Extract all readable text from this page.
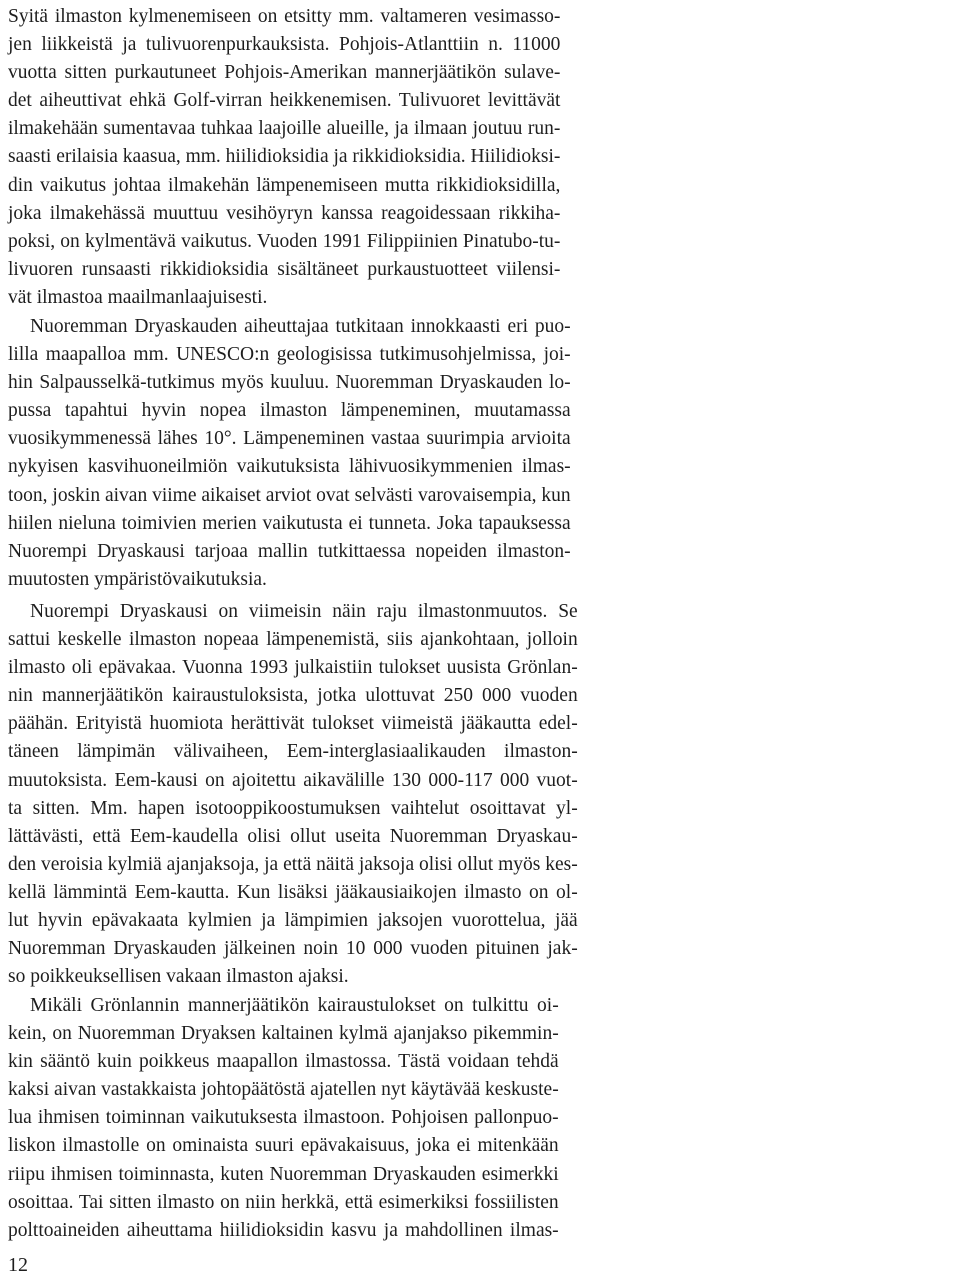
Syitä ilmaston kylmenemiseen on etsitty mm. valtameren vesimasso-
jen liikkeistä ja tulivuorenpurkauksista. Pohjois-Atlanttiin n. 11000
vuotta sitten purkautuneet Pohjois-Amerikan mannerjäätikön sulave-
det aiheuttivat ehkä Golf-virran heikkenemisen. Tulivuoret levittävät
ilmakehään sumentavaa tuhkaa laajoille alueille, ja ilmaan joutuu run-
saasti erilaisia kaasua, mm. hiilidioksidia ja rikkidioksidia. Hiilidioksi-
din vaikutus johtaa ilmakehän lämpenemiseen mutta rikkidioksidilla,
joka ilmakehässä muuttuu vesihöyryn kanssa reagoidessaan rikkiha-
poksi, on kylmentävä vaikutus. Vuoden 1991 Filippiinien Pinatubo-tu-
livuoren runsaasti rikkidioksidia sisältäneet purkaustuotteet viilensi-
vät ilmastoa maailmanlaajuisesti.
Nuoremman Dryaskauden aiheuttajaa tutkitaan innokkaasti eri puo-
lilla maapalloa mm. UNESCO:n geologisissa tutkimusohjelmissa, joi-
hin Salpausselkä-tutkimus myös kuuluu. Nuoremman Dryaskauden lo-
pussa tapahtui hyvin nopea ilmaston lämpeneminen, muutamassa
vuosikymmenessä lähes 10°. Lämpeneminen vastaa suurimpia arvioita
nykyisen kasvihuoneilmiön vaikutuksista lähivuosikymmenien ilmas-
toon, joskin aivan viime aikaiset arviot ovat selvästi varovaisempia, kun
hiilen nieluna toimivien merien vaikutusta ei tunneta. Joka tapauksessa
Nuorempi Dryaskausi tarjoaa mallin tutkittaessa nopeiden ilmaston-
muutosten ympäristövaikutuksia.
Nuorempi Dryaskausi on viimeisin näin raju ilmastonmuutos. Se
sattui keskelle ilmaston nopeaa lämpenemistä, siis ajankohtaan, jolloin
ilmasto oli epävakaa. Vuonna 1993 julkaistiin tulokset uusista Grönlan-
nin mannerjäätikön kairaustuloksista, jotka ulottuvat 250 000 vuoden
päähän. Erityistä huomiota herättivät tulokset viimeistä jääkautta edel-
täneen lämpimän välivaiheen, Eem-interglasiaalikauden ilmaston-
muutoksista. Eem-kausi on ajoitettu aikavälille 130 000-117 000 vuot-
ta sitten. Mm. hapen isotooppikoostumuksen vaihtelut osoittavat yl-
lättävästi, että Eem-kaudella olisi ollut useita Nuoremman Dryaskau-
den veroisia kylmiä ajanjaksoja, ja että näitä jaksoja olisi ollut myös kes-
kellä lämmintä Eem-kautta. Kun lisäksi jääkausiaikojen ilmasto on ol-
lut hyvin epävakaata kylmien ja lämpimien jaksojen vuorottelua, jää
Nuoremman Dryaskauden jälkeinen noin 10 000 vuoden pituinen jak-
so poikkeuksellisen vakaan ilmaston ajaksi.
Mikäli Grönlannin mannerjäätikön kairaustulokset on tulkittu oi-
kein, on Nuoremman Dryaksen kaltainen kylmä ajanjakso pikemmin-
kin sääntö kuin poikkeus maapallon ilmastossa. Tästä voidaan tehdä
kaksi aivan vastakkaista johtopäätöstä ajatellen nyt käytävää keskuste-
lua ihmisen toiminnan vaikutuksesta ilmastoon. Pohjoisen pallonpuo-
liskon ilmastolle on ominaista suuri epävakaisuus, joka ei mitenkään
riipu ihmisen toiminnasta, kuten Nuoremman Dryaskauden esimerkki
osoittaa. Tai sitten ilmasto on niin herkkä, että esimerkiksi fossiilisten
polttoaineiden aiheuttama hiilidioksidin kasvu ja mahdollinen ilmas-
12
